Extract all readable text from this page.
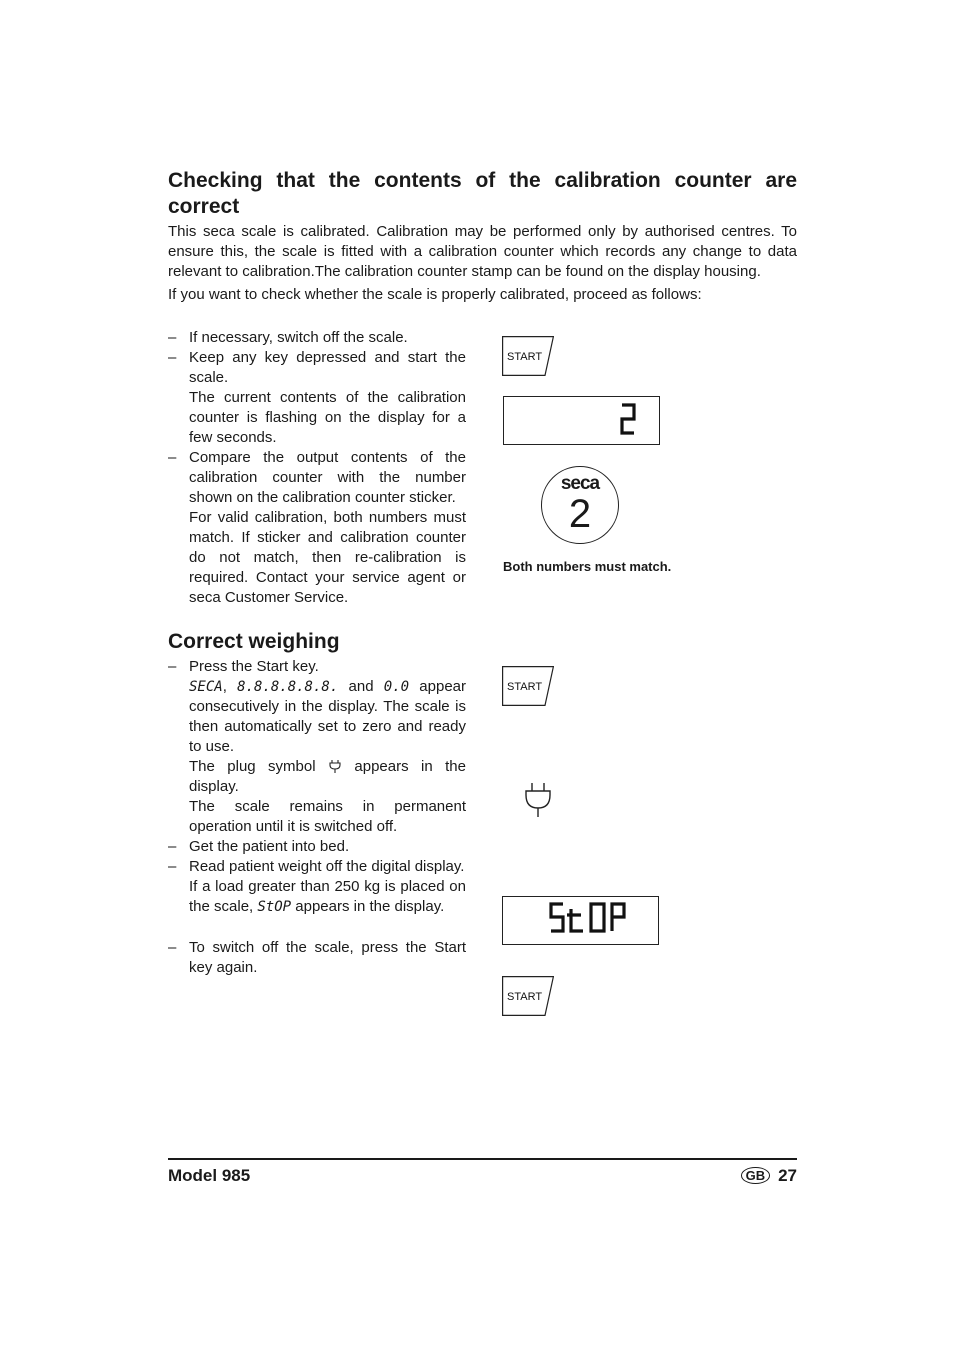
Checking that the contents of the calibration counter are
correct

This seca scale is calibrated. Calibration may be performed only by authorised centres. To ensure this, the scale is fitted with a calibration counter which records any change to data relevant to calibration.The calibration counter stamp can be found on the display housing.

If you want to check whether the scale is properly calibrated, proceed as follows:

– If necessary, switch off the scale.

– Keep any key depressed and start the scale.

The current contents of the calibration counter is flashing on the display for a few seconds.

– Compare the output contents of the calibration counter with the number shown on the calibration counter sticker.

For valid calibration, both numbers must match. If sticker and calibration counter do not match, then re-calibration is required. Contact your service agent or seca Customer Service.

START
seca
2
Both numbers must match.
Correct weighing
– Press the Start key.

SECA, 8.8.8.8.8.8. and 0.0 appear consecutively in the display. The scale is then automatically set to zero and ready to use.

The plug symbol  appears in the display.

The scale remains in permanent operation until it is switched off.

– Get the patient into bed.

– Read patient weight off the digital display.

If a load greater than 250 kg is placed on the scale, StOP appears in the display.

– To switch off the scale, press the Start key again.

START
START
Model 985	GB 27
